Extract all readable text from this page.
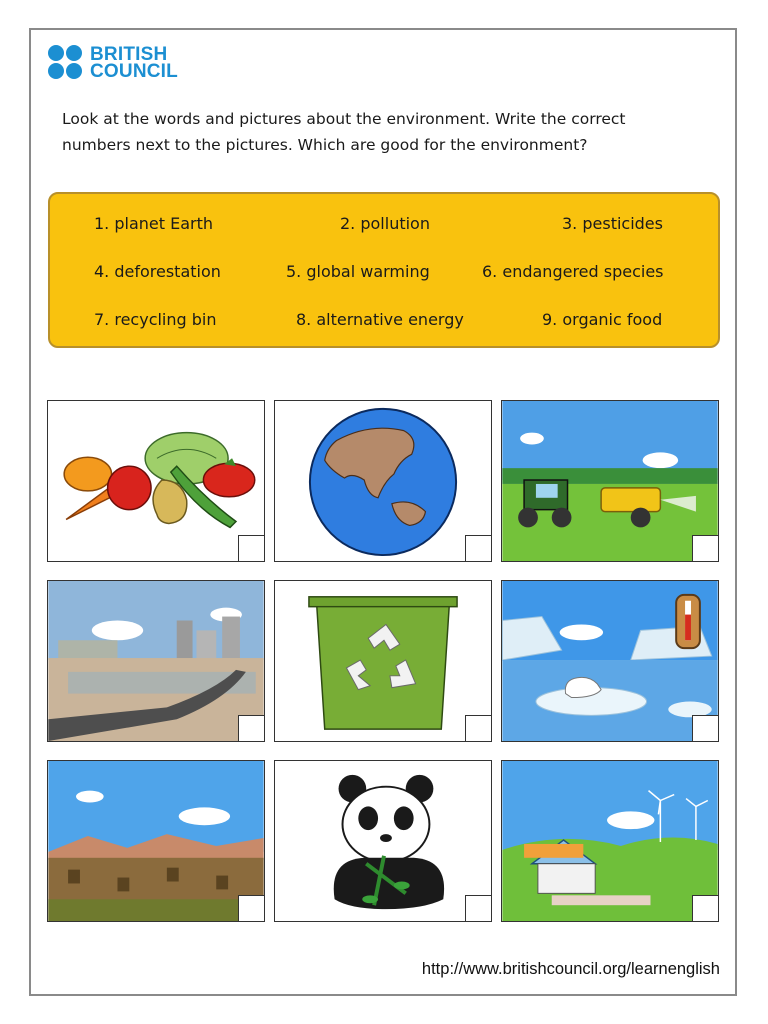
BRITISH
COUNCIL
Look at the words and pictures about the environment. Write the correct
numbers next to the pictures. Which are good for the environment?
1. planet Earth	2. pollution	3. pesticides
4. deforestation	5. global warming	6. endangered species
7. recycling bin	8. alternative energy	9. organic food
http://www.britishcouncil.org/learnenglish
